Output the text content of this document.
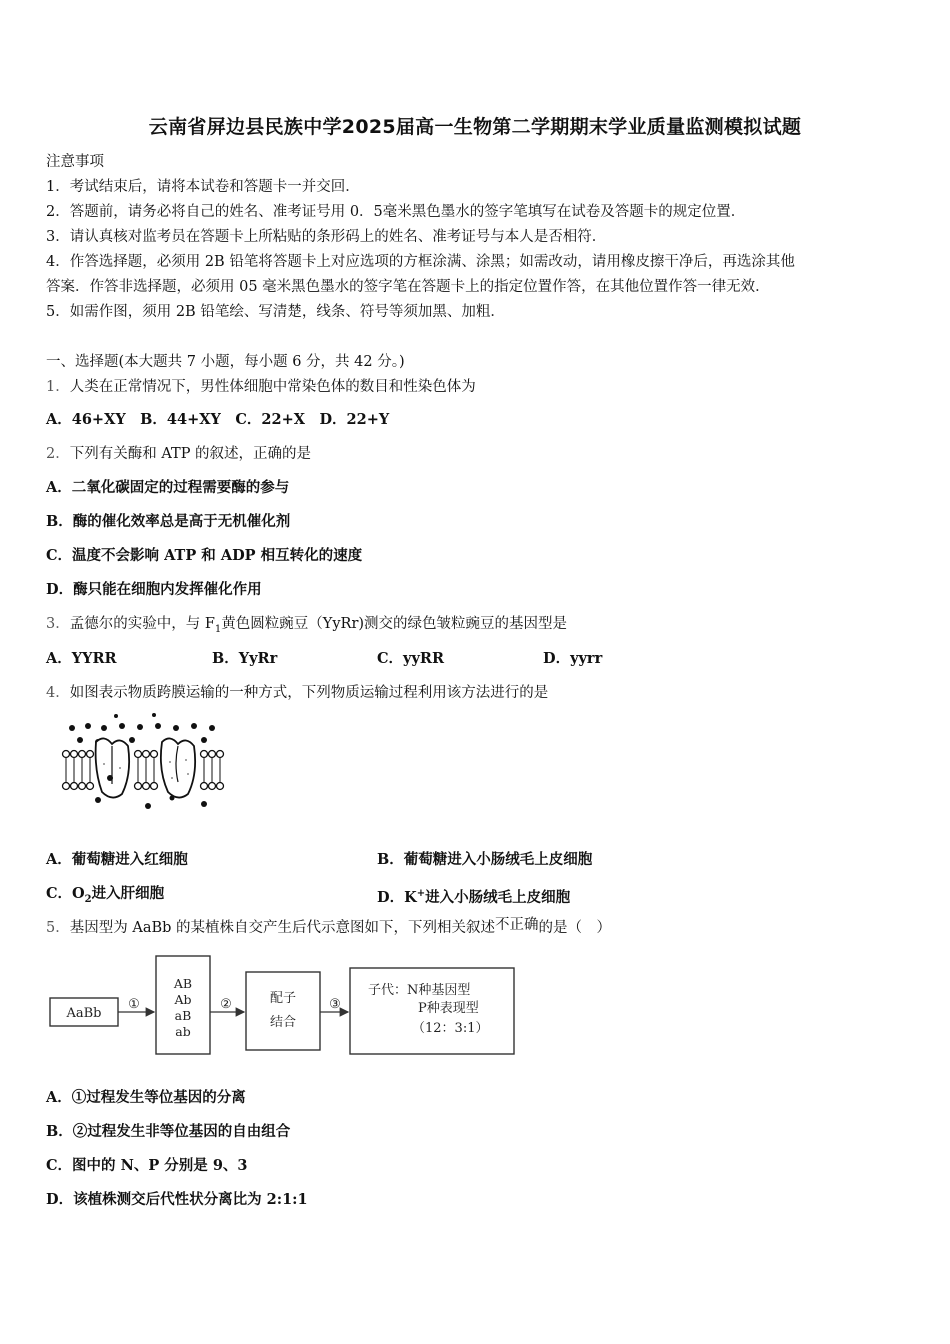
云南省屏边县民族中学2025届高一生物第二学期期末学业质量监测模拟试题
注意事项
1．考试结束后，请将本试卷和答题卡一并交回．
2．答题前，请务必将自己的姓名、准考证号用 0．5毫米黑色墨水的签字笔填写在试卷及答题卡的规定位置．
3．请认真核对监考员在答题卡上所粘贴的条形码上的姓名、准考证号与本人是否相符．
4．作答选择题，必须用 2B 铅笔将答题卡上对应选项的方框涂满、涂黑；如需改动，请用橡皮擦干净后，再选涂其他
答案．作答非选择题，必须用 05 毫米黑色墨水的签字笔在答题卡上的指定位置作答，在其他位置作答一律无效．
5．如需作图，须用 2B 铅笔绘、写清楚，线条、符号等须加黑、加粗．
一、选择题(本大题共 7 小题，每小题 6 分，共 42 分。)
1．人类在正常情况下，男性体细胞中常染色体的数目和性染色体为
A．46+XY　B．44+XY　C．22+X　D．22+Y
2．下列有关酶和 ATP 的叙述，正确的是
A．二氧化碳固定的过程需要酶的参与
B．酶的催化效率总是高于无机催化剂
C．温度不会影响 ATP 和 ADP 相互转化的速度
D．酶只能在细胞内发挥催化作用
3．孟德尔的实验中，与 $F_1$黄色圆粒豌豆（YyRr)测交的绿色皱粒豌豆的基因型是
A．YYRR	B．YyRr	C．yyRR	D．yyrr
4．如图表示物质跨膜运输的一种方式，下列物质运输过程利用该方法进行的是
A．葡萄糖进入红细胞	B．葡萄糖进入小肠绒毛上皮细胞
C．$O_2$进入肝细胞	D．K+进入小肠绒毛上皮细胞
5．基因型为 AaBb 的某植株自交产生后代示意图如下，下列相关叙述不正确的是（　）
AaBb
①
AB
Ab
aB
ab
②	配子
结合
③
子代：N种基因型
P种表现型
（12：3:1）
A．①过程发生等位基因的分离
B．②过程发生非等位基因的自由组合
C．图中的 N、P 分别是 9、3
D．该植株测交后代性状分离比为 2:1:1
